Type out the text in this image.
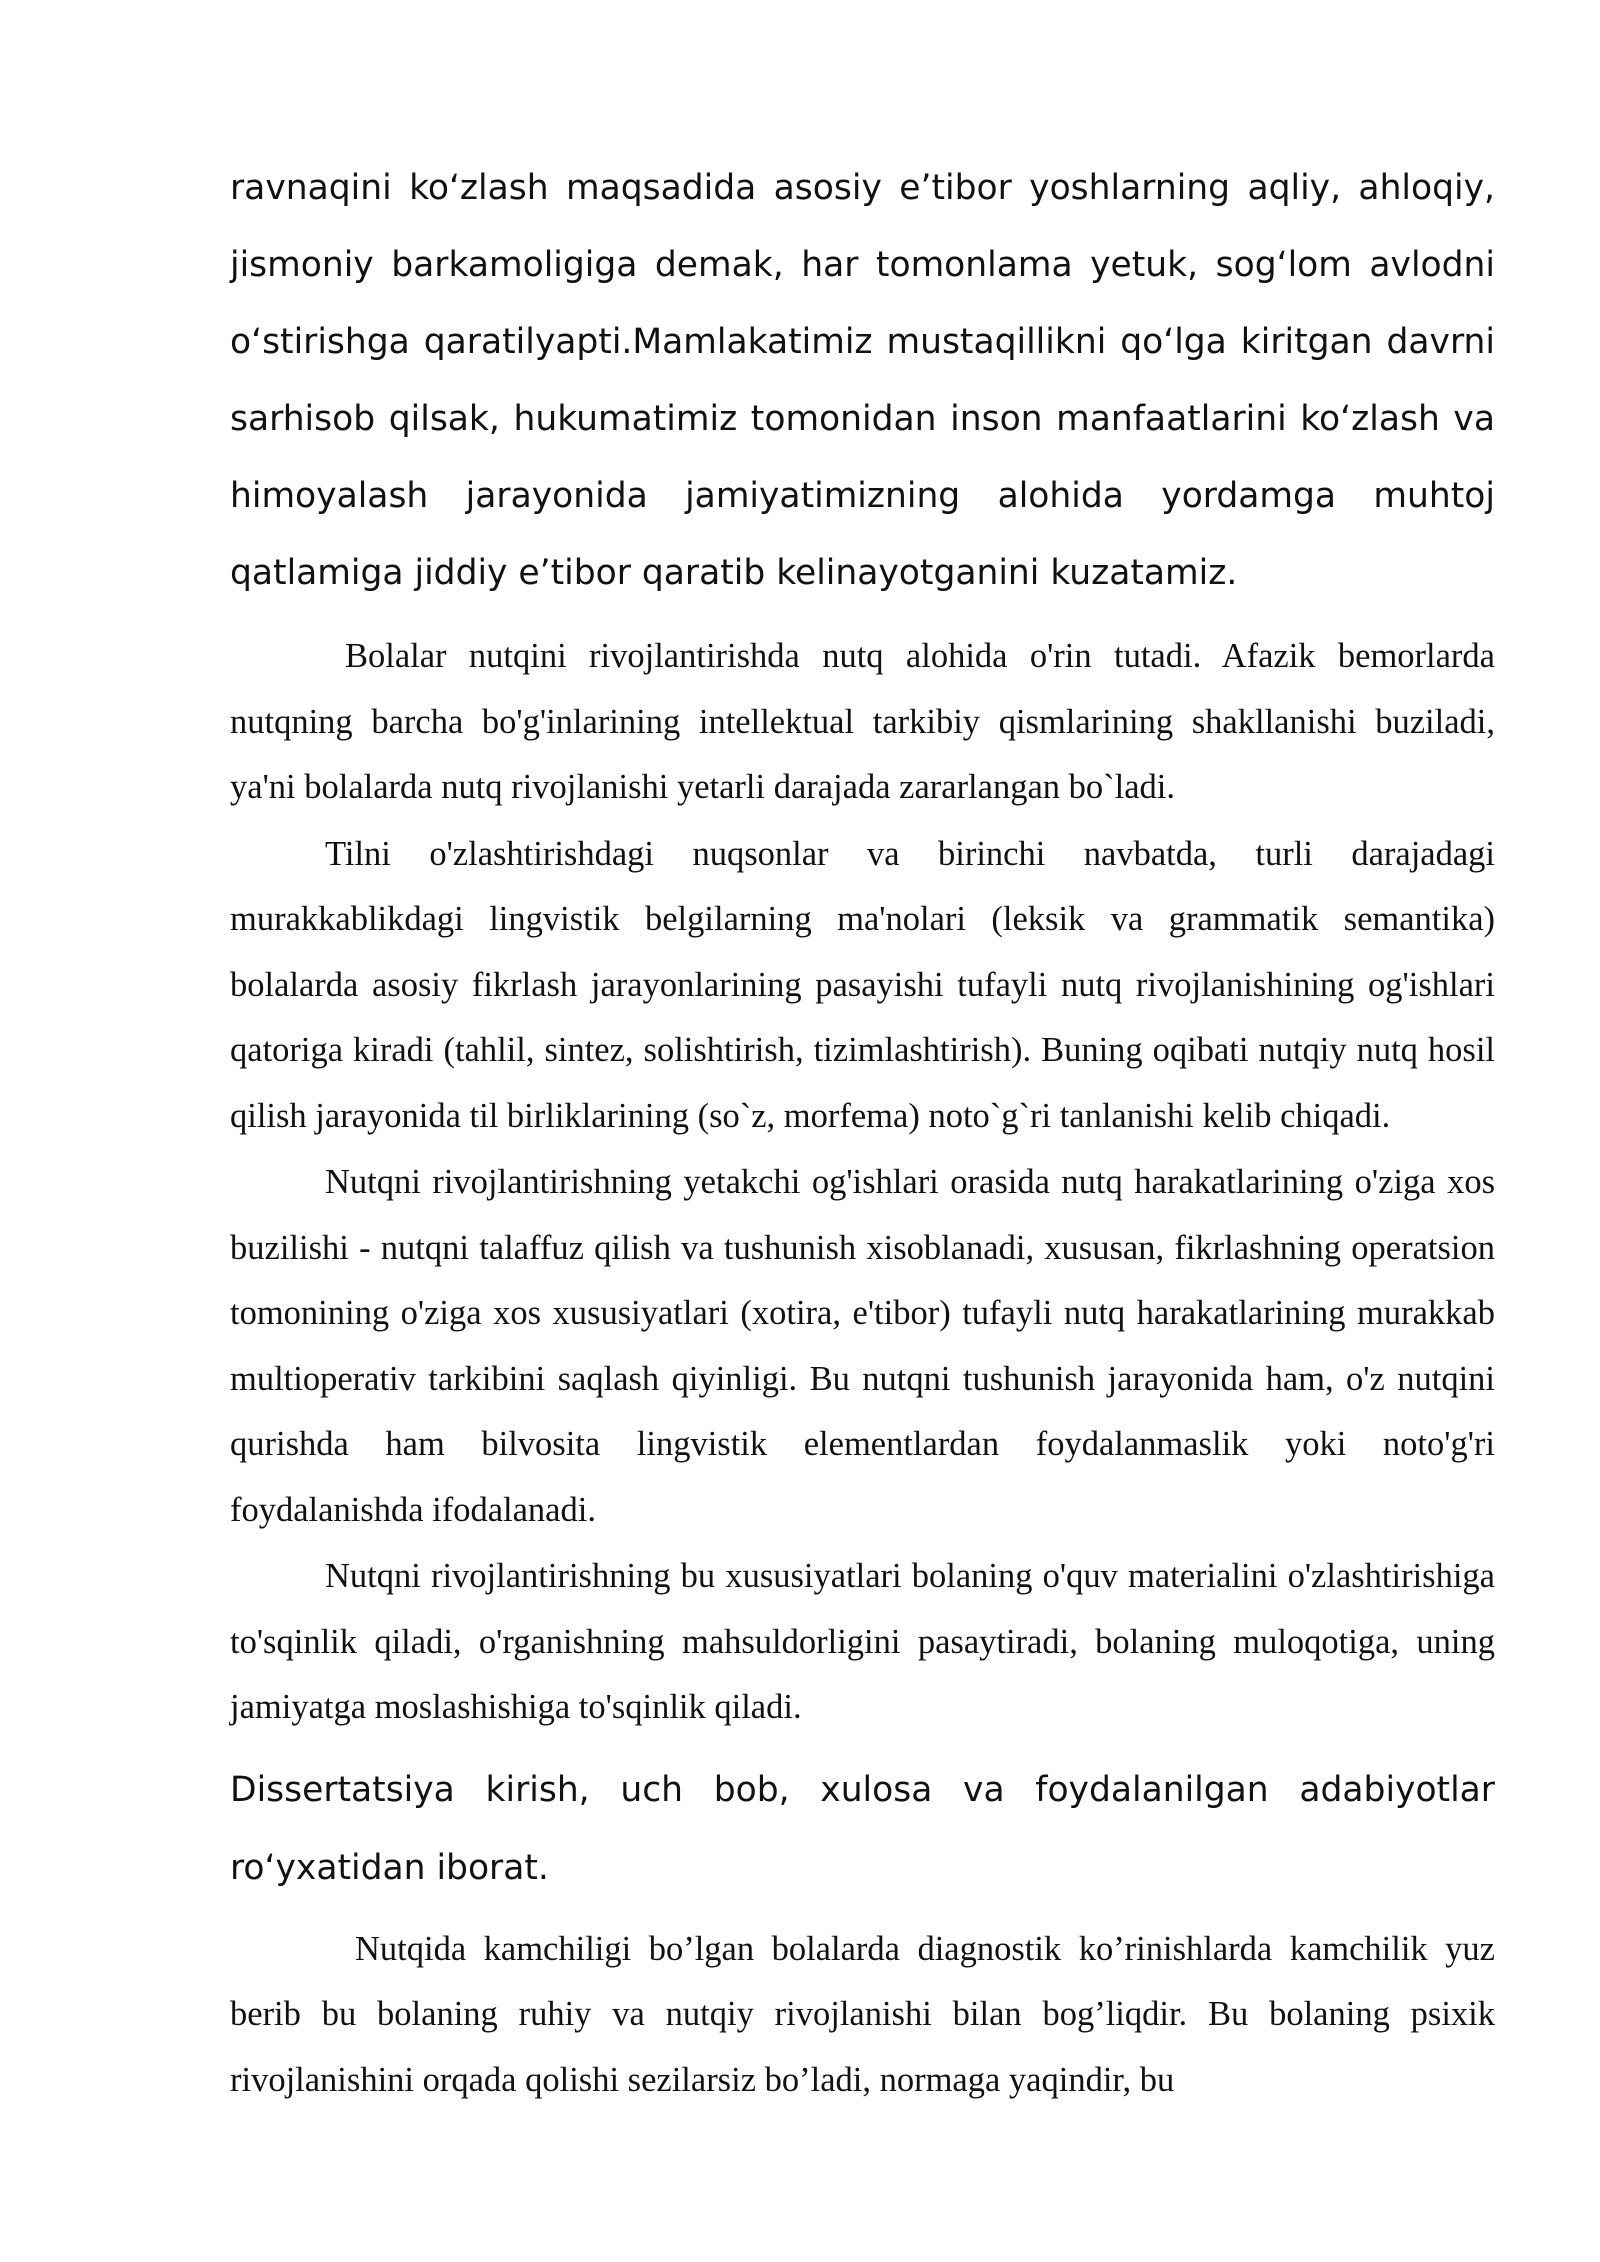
ravnaqini koʻzlash maqsadida asosiy eʼtibor yoshlarning aqliy, ahloqiy, jismoniy barkamoligiga demak, har tomonlama yetuk, sogʻlom avlodni oʻstirishga qaratilyapti.Mamlakatimiz mustaqillikni qoʻlga kiritgan davrni sarhisob qilsak, hukumatimiz tomonidan inson manfaatlarini koʻzlash va himoyalash jarayonida jamiyatimizning alohida yordamga muhtoj qatlamiga jiddiy eʼtibor qaratib kelinayotganini kuzatamiz.

Bolalar nutqini rivojlantirishda nutq alohida o'rin tutadi. Afazik bemorlarda nutqning barcha bo'g'inlarining intellektual tarkibiy qismlarining shakllanishi buziladi, ya'ni bolalarda nutq rivojlanishi yetarli darajada zararlangan bo`ladi.

Tilni o'zlashtirishdagi nuqsonlar va birinchi navbatda, turli darajadagi murakkablikdagi lingvistik belgilarning ma'nolari (leksik va grammatik semantika) bolalarda asosiy fikrlash jarayonlarining pasayishi tufayli nutq rivojlanishining og'ishlari qatoriga kiradi (tahlil, sintez, solishtirish, tizimlashtirish). Buning oqibati nutqiy nutq hosil qilish jarayonida til birliklarining (so`z, morfema) noto`g`ri tanlanishi kelib chiqadi.

Nutqni rivojlantirishning yetakchi og'ishlari orasida nutq harakatlarining o'ziga xos buzilishi - nutqni talaffuz qilish va tushunish xisoblanadi, xususan, fikrlashning operatsion tomonining o'ziga xos xususiyatlari (xotira, e'tibor) tufayli nutq harakatlarining murakkab multioperativ tarkibini saqlash qiyinligi. Bu nutqni tushunish jarayonida ham, o'z nutqini qurishda ham bilvosita lingvistik elementlardan foydalanmaslik yoki noto'g'ri foydalanishda ifodalanadi.

Nutqni rivojlantirishning bu xususiyatlari bolaning o'quv materialini o'zlashtirishiga to'sqinlik qiladi, o'rganishning mahsuldorligini pasaytiradi, bolaning muloqotiga, uning jamiyatga moslashishiga to'sqinlik qiladi.

Dissertatsiya kirish, uch bob, xulosa va foydalanilgan adabiyotlar roʻyxatidan iborat.

Nutqida kamchiligi bo’lgan bolalarda diagnostik ko’rinishlarda kamchilik yuz berib bu bolaning ruhiy va nutqiy rivojlanishi bilan bog’liqdir. Bu bolaning psixik rivojlanishini orqada qolishi sezilarsiz bo’ladi, normaga yaqindir, bu
